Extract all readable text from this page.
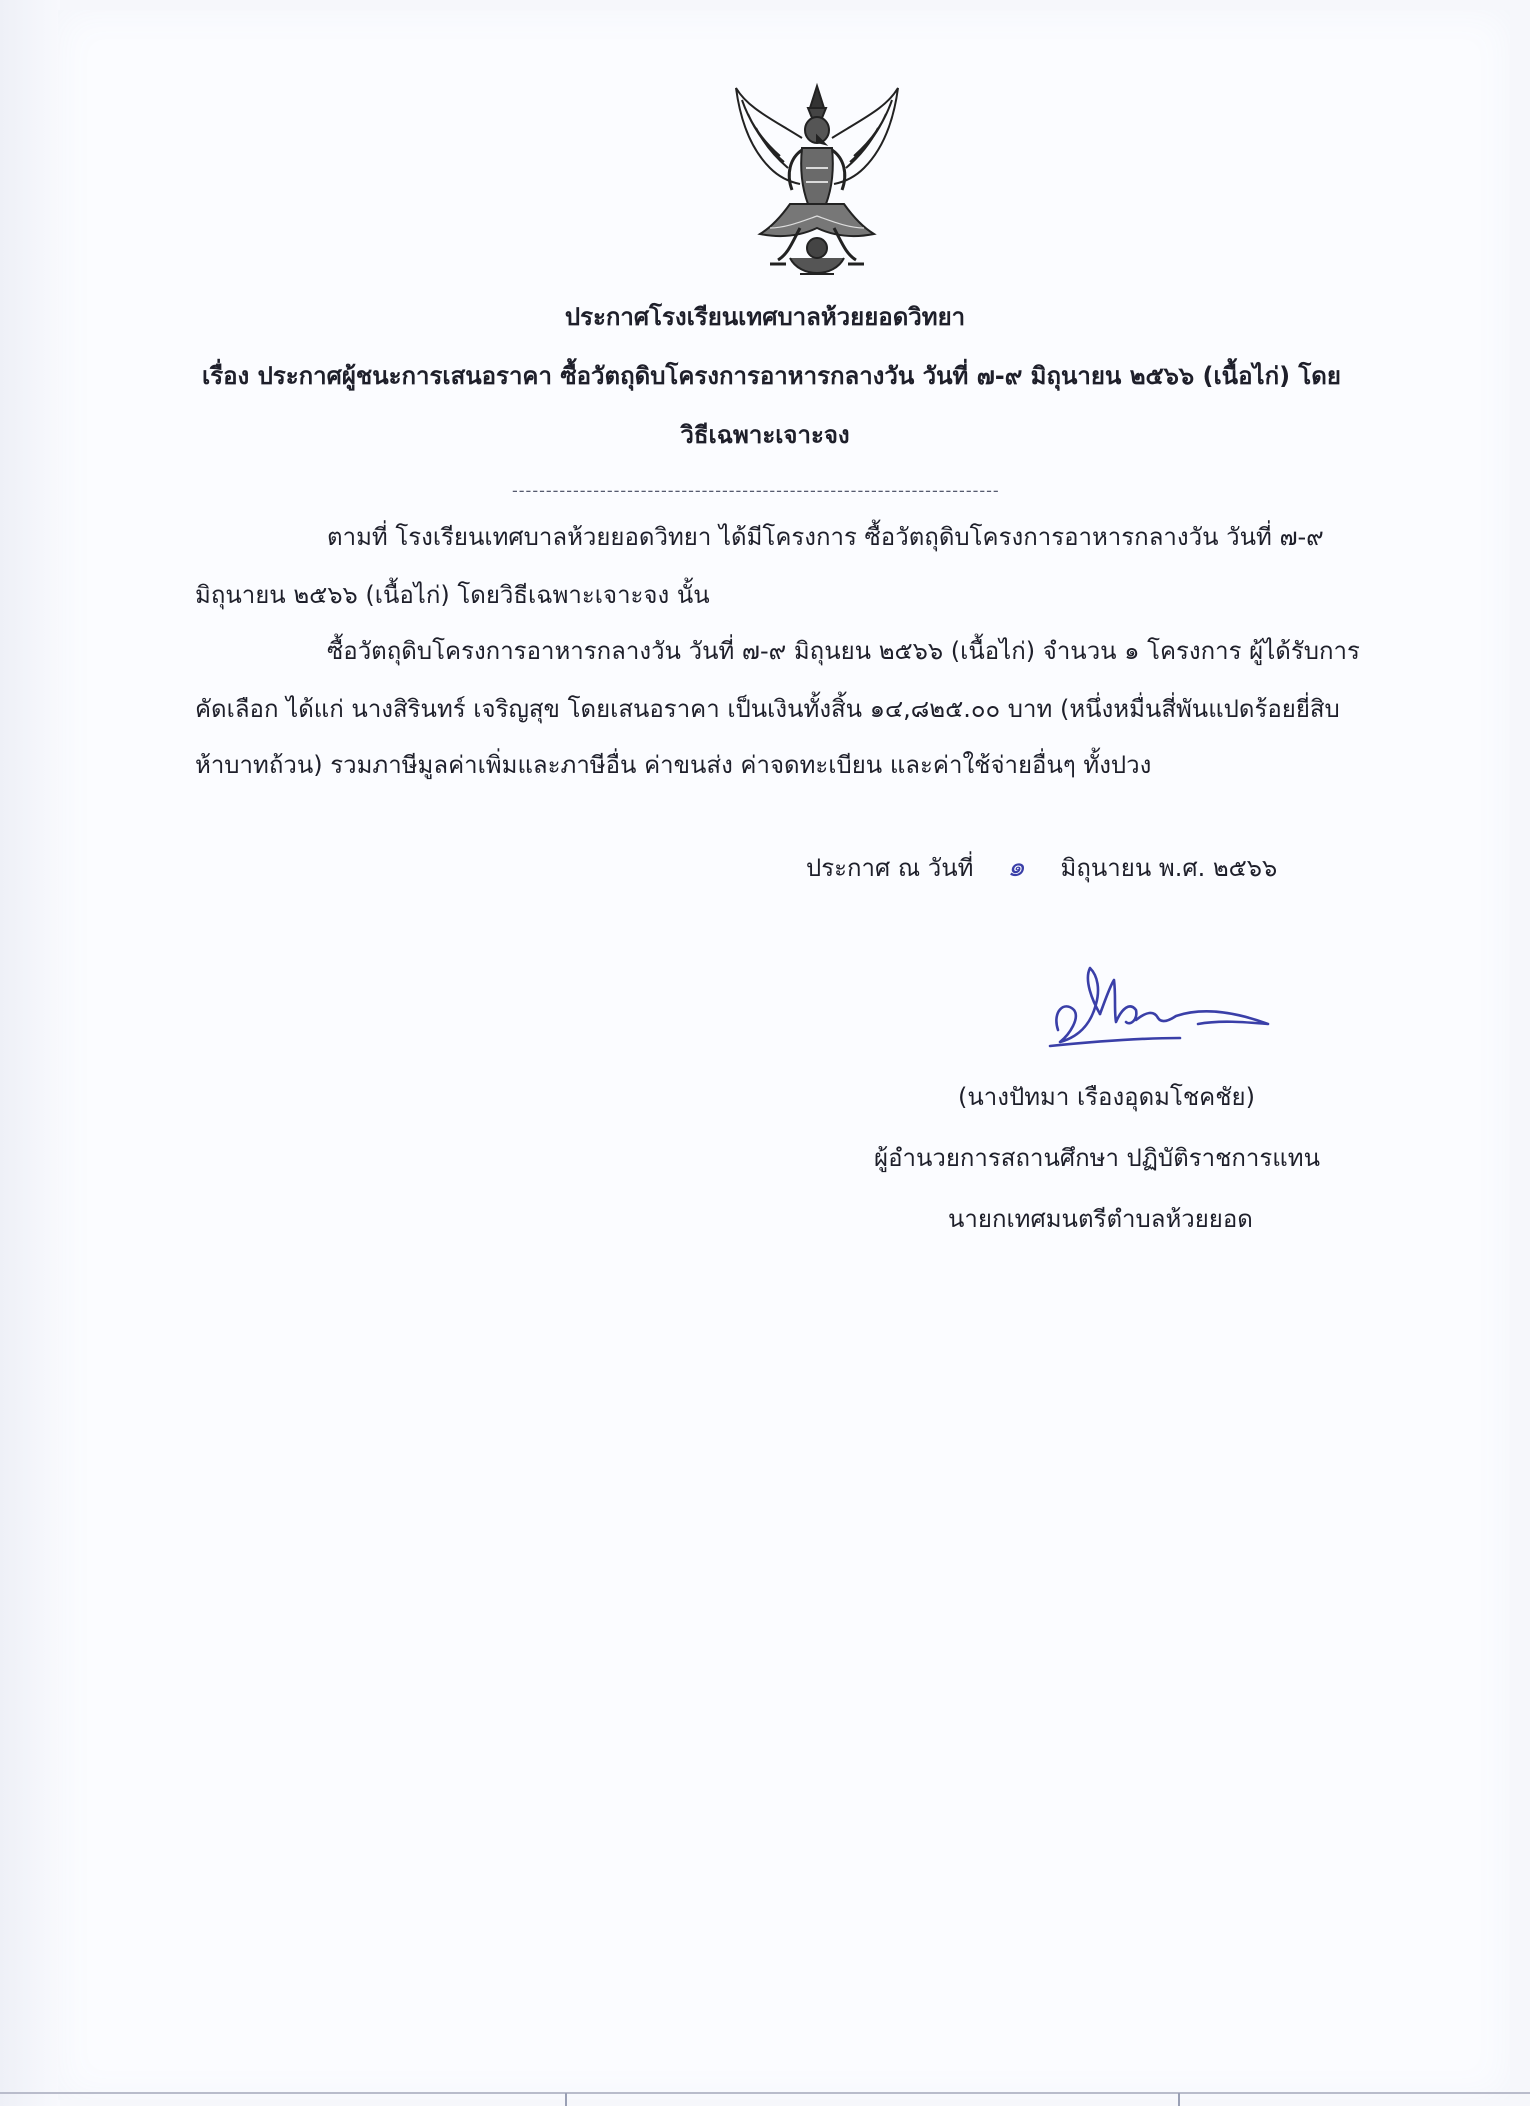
ประกาศโรงเรียนเทศบาลห้วยยอดวิทยา
เรื่อง ประกาศผู้ชนะการเสนอราคา ซื้อวัตถุดิบโครงการอาหารกลางวัน วันที่ ๗-๙ มิถุนายน ๒๕๖๖ (เนื้อไก่) โดย
วิธีเฉพาะเจาะจง
------------------------------------------------------------------------
ตามที่ โรงเรียนเทศบาลห้วยยอดวิทยา ได้มีโครงการ ซื้อวัตถุดิบโครงการอาหารกลางวัน วันที่ ๗-๙
มิถุนายน ๒๕๖๖ (เนื้อไก่) โดยวิธีเฉพาะเจาะจง นั้น
ซื้อวัตถุดิบโครงการอาหารกลางวัน วันที่ ๗-๙ มิถุนยน ๒๕๖๖ (เนื้อไก่) จำนวน ๑ โครงการ ผู้ได้รับการ
คัดเลือก ได้แก่ นางสิรินทร์ เจริญสุข โดยเสนอราคา เป็นเงินทั้งสิ้น ๑๔,๘๒๕.๐๐ บาท (หนึ่งหมื่นสี่พันแปดร้อยยี่สิบ
ห้าบาทถ้วน) รวมภาษีมูลค่าเพิ่มและภาษีอื่น ค่าขนส่ง ค่าจดทะเบียน และค่าใช้จ่ายอื่นๆ ทั้งปวง
ประกาศ ณ วันที่ ๑ มิถุนายน พ.ศ. ๒๕๖๖
(นางปัทมา เรืองอุดมโชคชัย)
ผู้อำนวยการสถานศึกษา ปฏิบัติราชการแทน
นายกเทศมนตรีตำบลห้วยยอด
